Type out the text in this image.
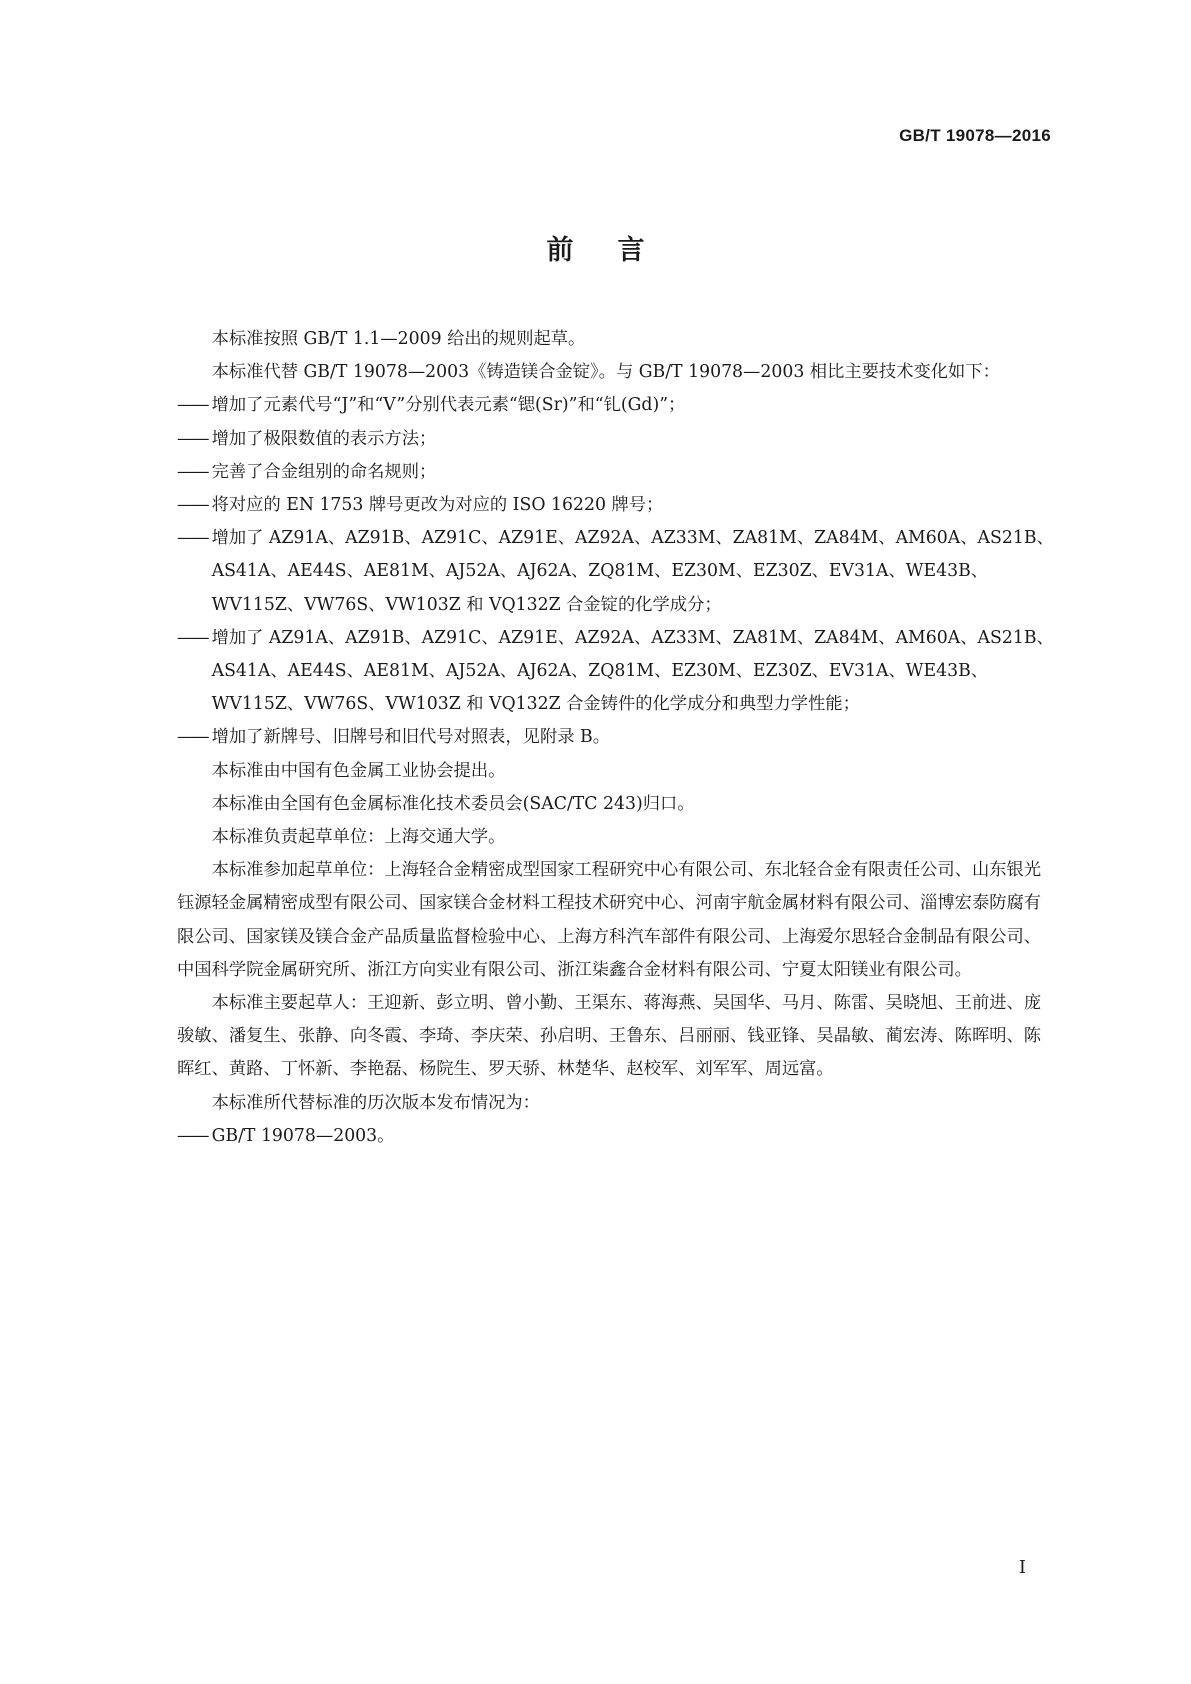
GB/T 19078—2016
前 言

本标准按照 GB/T 1.1—2009 给出的规则起草。

本标准代替 GB/T 19078—2003《铸造镁合金锭》。与 GB/T 19078—2003 相比主要技术变化如下：

—— 增加了元素代号“J”和“V”分别代表元素“锶(Sr)”和“钆(Gd)”；

—— 增加了极限数值的表示方法；

—— 完善了合金组别的命名规则；

—— 将对应的 EN 1753 牌号更改为对应的 ISO 16220 牌号；

—— 增加了 AZ91A、AZ91B、AZ91C、AZ91E、AZ92A、AZ33M、ZA81M、ZA84M、AM60A、AS21B、AS41A、AE44S、AE81M、AJ52A、AJ62A、ZQ81M、EZ30M、EZ30Z、EV31A、WE43B、WV115Z、VW76S、VW103Z 和 VQ132Z 合金锭的化学成分；

—— 增加了 AZ91A、AZ91B、AZ91C、AZ91E、AZ92A、AZ33M、ZA81M、ZA84M、AM60A、AS21B、AS41A、AE44S、AE81M、AJ52A、AJ62A、ZQ81M、EZ30M、EZ30Z、EV31A、WE43B、WV115Z、VW76S、VW103Z 和 VQ132Z 合金铸件的化学成分和典型力学性能；

—— 增加了新牌号、旧牌号和旧代号对照表，见附录 B。

本标准由中国有色金属工业协会提出。

本标准由全国有色金属标准化技术委员会(SAC/TC 243)归口。

本标准负责起草单位：上海交通大学。

本标准参加起草单位：上海轻合金精密成型国家工程研究中心有限公司、东北轻合金有限责任公司、山东银光钰源轻金属精密成型有限公司、国家镁合金材料工程技术研究中心、河南宇航金属材料有限公司、淄博宏泰防腐有限公司、国家镁及镁合金产品质量监督检验中心、上海方科汽车部件有限公司、上海爱尔思轻合金制品有限公司、中国科学院金属研究所、浙江方向实业有限公司、浙江柒鑫合金材料有限公司、宁夏太阳镁业有限公司。

本标准主要起草人：王迎新、彭立明、曾小勤、王渠东、蒋海燕、吴国华、马月、陈雷、吴晓旭、王前进、庞骏敏、潘复生、张静、向冬霞、李琦、李庆荣、孙启明、王鲁东、吕丽丽、钱亚锋、吴晶敏、蔺宏涛、陈晖明、陈晖红、黄路、丁怀新、李艳磊、杨院生、罗天骄、林楚华、赵校军、刘军军、周远富。

本标准所代替标准的历次版本发布情况为：

—— GB/T 19078—2003。

I
